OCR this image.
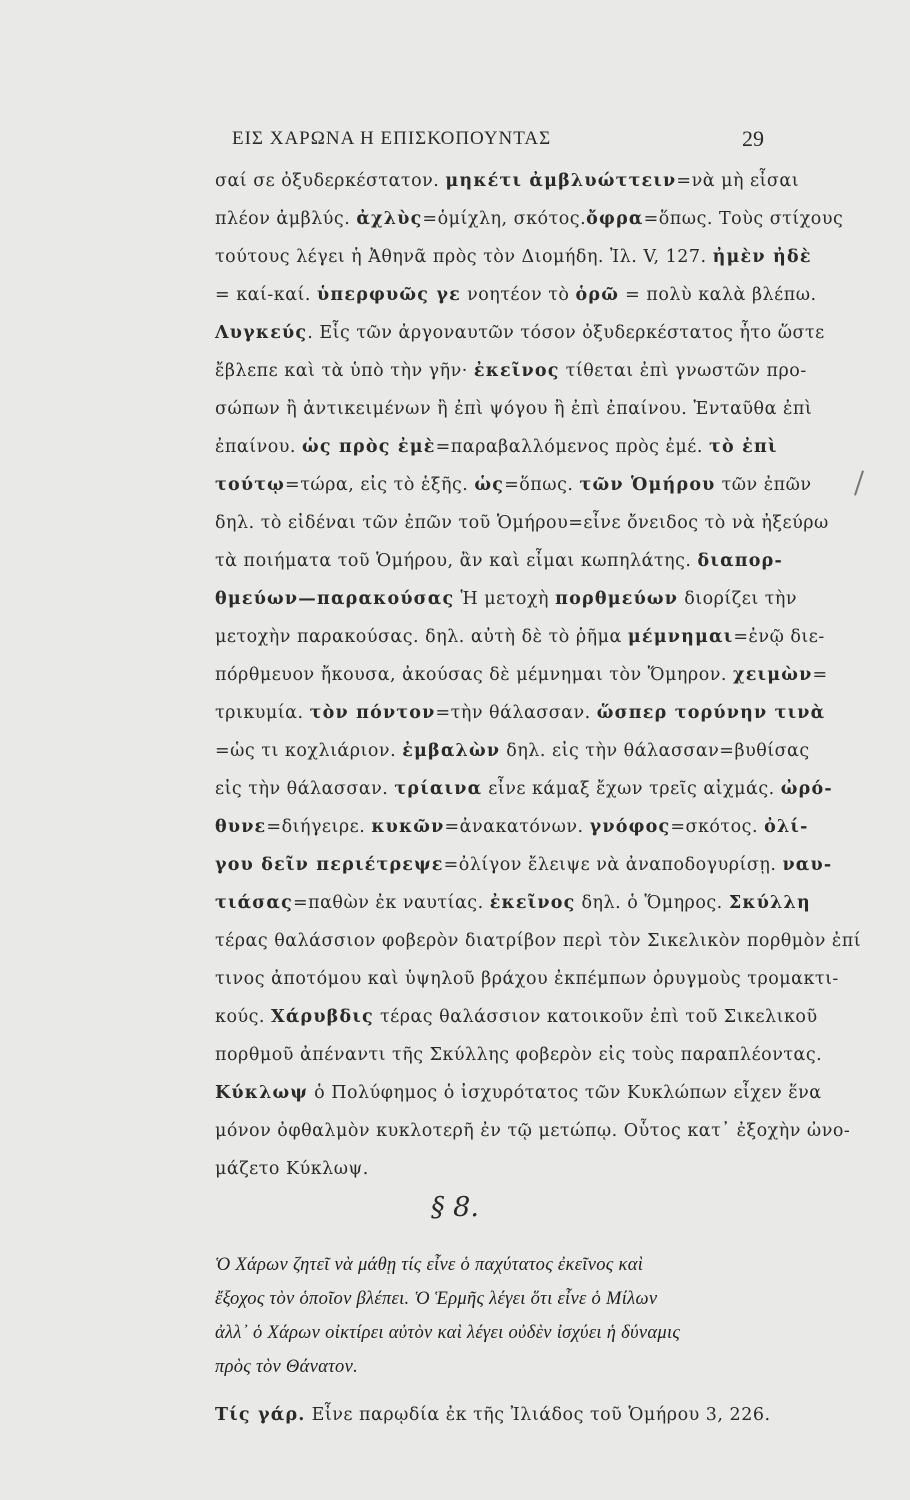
ΕΙΣ ΧΑΡΩΝΑ Η ΕΠΙΣΚΟΠΟΥΝΤΑΣ	29
σαί σε ὀξυδερκέστατον. μηκέτι ἀμβλυώττειν=νὰ μὴ εἶσαι
πλέον ἀμβλύς. ἀχλὺς=ὁμίχλη, σκότος.ὄφρα=ὅπως. Τοὺς στίχους
τούτους λέγει ἡ Ἀθηνᾶ πρὸς τὸν Διομήδη. Ἰλ. V, 127. ἠμὲν ἠδὲ
= καί-καί. ὑπερφυῶς γε νοητέον τὸ ὁρῶ = πολὺ καλὰ βλέπω.
Λυγκεύς. Εἷς τῶν ἀργοναυτῶν τόσον ὀξυδερκέστατος ἦτο ὥστε
ἔβλεπε καὶ τὰ ὑπὸ τὴν γῆν· ἐκεῖνος τίθεται ἐπὶ γνωστῶν προ-
σώπων ἢ ἀντικειμένων ἢ ἐπὶ ψόγου ἢ ἐπὶ ἐπαίνου. Ἐνταῦθα ἐπὶ
ἐπαίνου. ὡς πρὸς ἐμὲ=παραβαλλόμενος πρὸς ἐμέ. τὸ ἐπὶ
τούτῳ=τώρα, εἰς τὸ ἑξῆς. ὡς=ὅπως. τῶν Ὁμήρου τῶν ἐπῶν
δηλ. τὸ εἰδέναι τῶν ἐπῶν τοῦ Ὁμήρου=εἶνε ὄνειδος τὸ νὰ ἠξεύρω
τὰ ποιήματα τοῦ Ὁμήρου, ἂν καὶ εἶμαι κωπηλάτης. διαπορ-
θμεύων—παρακούσας Ἡ μετοχὴ πορθμεύων διορίζει τὴν
μετοχὴν παρακούσας. δηλ. αὐτὴ δὲ τὸ ῥῆμα μέμνημαι=ἐνῷ διε-
πόρθμευον ἤκουσα, ἀκούσας δὲ μέμνημαι τὸν Ὅμηρον. χειμὼν=
τρικυμία. τὸν πόντον=τὴν θάλασσαν. ὥσπερ τορύνην τινὰ
=ὡς τι κοχλιάριον. ἐμβαλὼν δηλ. εἰς τὴν θάλασσαν=βυθίσας
εἰς τὴν θάλασσαν. τρίαινα εἶνε κάμαξ ἔχων τρεῖς αἰχμάς. ὠρό-
θυνε=διήγειρε. κυκῶν=ἀνακατόνων. γνόφος=σκότος. ὀλί-
γου δεῖν περιέτρεψε=ὀλίγον ἔλειψε νὰ ἀναποδογυρίσῃ. ναυ-
τιάσας=παθὼν ἐκ ναυτίας. ἐκεῖνος δηλ. ὁ Ὅμηρος. Σκύλλη
τέρας θαλάσσιον φοβερὸν διατρίβον περὶ τὸν Σικελικὸν πορθμὸν ἐπί
τινος ἀποτόμου καὶ ὑψηλοῦ βράχου ἐκπέμπων ὀρυγμοὺς τρομακτι-
κούς. Χάρυβδις τέρας θαλάσσιον κατοικοῦν ἐπὶ τοῦ Σικελικοῦ
πορθμοῦ ἀπέναντι τῆς Σκύλλης φοβερὸν εἰς τοὺς παραπλέοντας.
Κύκλωψ ὁ Πολύφημος ὁ ἰσχυρότατος τῶν Κυκλώπων εἶχεν ἕνα
μόνον ὀφθαλμὸν κυκλοτερῆ ἐν τῷ μετώπῳ. Οὗτος κατ᾽ ἐξοχὴν ὠνο-
μάζετο Κύκλωψ.
§ 8.
Ὁ Χάρων ζητεῖ νὰ μάθῃ τίς εἶνε ὁ παχύτατος ἐκεῖνος καὶ
ἔξοχος τὸν ὁποῖον βλέπει. Ὁ Ἑρμῆς λέγει ὅτι εἶνε ὁ Μίλων
ἀλλ᾽ ὁ Χάρων οἰκτίρει αὐτὸν καὶ λέγει οὐδὲν ἰσχύει ἡ δύναμις
πρὸς τὸν Θάνατον.
Τίς γάρ. Εἶνε παρῳδία ἐκ τῆς Ἰλιάδος τοῦ Ὁμήρου 3, 226.
